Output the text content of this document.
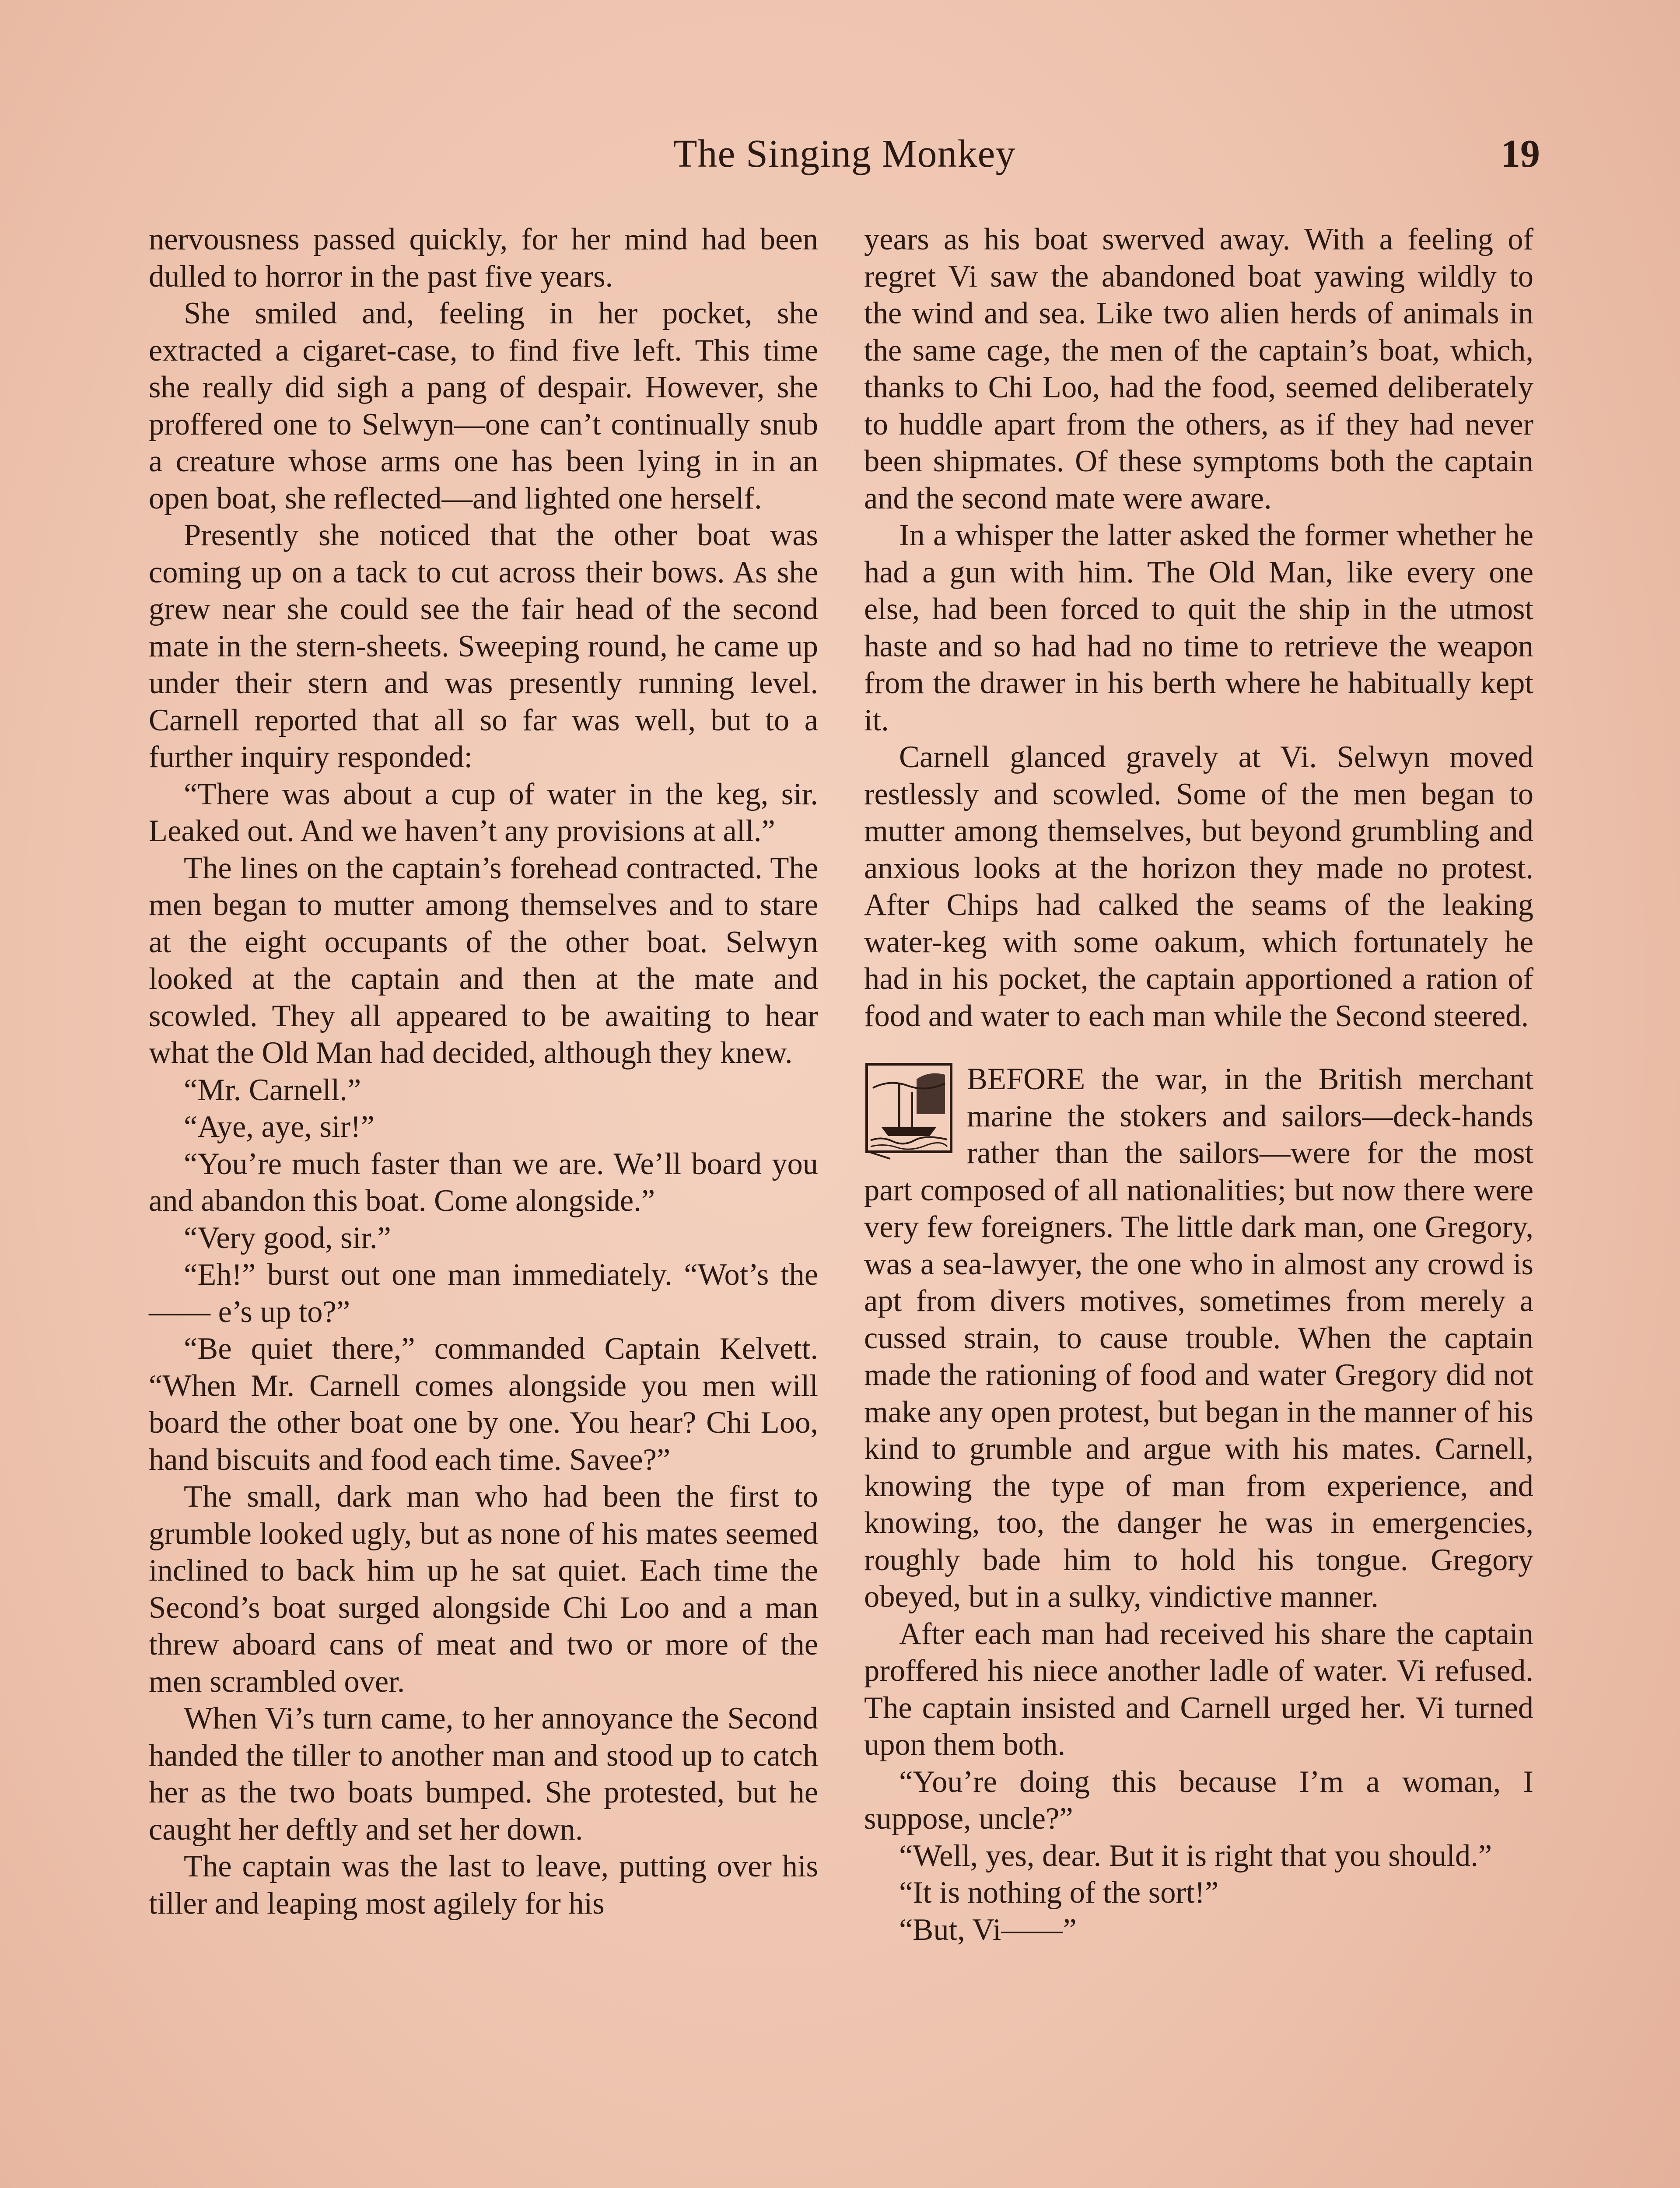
The Singing Monkey	19

nervousness passed quickly, for her mind had been dulled to horror in the past five years.

She smiled and, feeling in her pocket, she extracted a cigaret-case, to find five left. This time she really did sigh a pang of despair. However, she proffered one to Selwyn—one can’t continually snub a creature whose arms one has been lying in in an open boat, she reflected—and lighted one herself.

Presently she noticed that the other boat was coming up on a tack to cut across their bows. As she grew near she could see the fair head of the second mate in the stern-sheets. Sweeping round, he came up under their stern and was presently running level. Carnell reported that all so far was well, but to a further inquiry responded:

“There was about a cup of water in the keg, sir. Leaked out. And we haven’t any provisions at all.”

The lines on the captain’s forehead contracted. The men began to mutter among themselves and to stare at the eight occupants of the other boat. Selwyn looked at the captain and then at the mate and scowled. They all appeared to be awaiting to hear what the Old Man had decided, although they knew.

“Mr. Carnell.”

“Aye, aye, sir!”

“You’re much faster than we are. We’ll board you and abandon this boat. Come alongside.”

“Very good, sir.”

“Eh!” burst out one man immediately. “Wot’s the —— e’s up to?”

“Be quiet there,” commanded Captain Kelvett. “When Mr. Carnell comes alongside you men will board the other boat one by one. You hear? Chi Loo, hand biscuits and food each time. Savee?”

The small, dark man who had been the first to grumble looked ugly, but as none of his mates seemed inclined to back him up he sat quiet. Each time the Second’s boat surged alongside Chi Loo and a man threw aboard cans of meat and two or more of the men scrambled over.

When Vi’s turn came, to her annoyance the Second handed the tiller to another man and stood up to catch her as the two boats bumped. She protested, but he caught her deftly and set her down.

The captain was the last to leave, putting over his tiller and leaping most agilely for his

years as his boat swerved away. With a feeling of regret Vi saw the abandoned boat yawing wildly to the wind and sea. Like two alien herds of animals in the same cage, the men of the captain’s boat, which, thanks to Chi Loo, had the food, seemed deliberately to huddle apart from the others, as if they had never been shipmates. Of these symptoms both the captain and the second mate were aware.

In a whisper the latter asked the former whether he had a gun with him. The Old Man, like every one else, had been forced to quit the ship in the utmost haste and so had had no time to retrieve the weapon from the drawer in his berth where he habitually kept it.

Carnell glanced gravely at Vi. Selwyn moved restlessly and scowled. Some of the men began to mutter among themselves, but beyond grumbling and anxious looks at the horizon they made no protest. After Chips had calked the seams of the leaking water-keg with some oakum, which fortunately he had in his pocket, the captain apportioned a ration of food and water to each man while the Second steered.

BEFORE the war, in the British merchant marine the stokers and sailors—deck-hands rather than the sailors—were for the most part composed of all nationalities; but now there were very few foreigners. The little dark man, one Gregory, was a sea-lawyer, the one who in almost any crowd is apt from divers motives, sometimes from merely a cussed strain, to cause trouble. When the captain made the rationing of food and water Gregory did not make any open protest, but began in the manner of his kind to grumble and argue with his mates. Carnell, knowing the type of man from experience, and knowing, too, the danger he was in emergencies, roughly bade him to hold his tongue. Gregory obeyed, but in a sulky, vindictive manner.

After each man had received his share the captain proffered his niece another ladle of water. Vi refused. The captain insisted and Carnell urged her. Vi turned upon them both.

“You’re doing this because I’m a woman, I suppose, uncle?”

“Well, yes, dear. But it is right that you should.”

“It is nothing of the sort!”

“But, Vi——”
